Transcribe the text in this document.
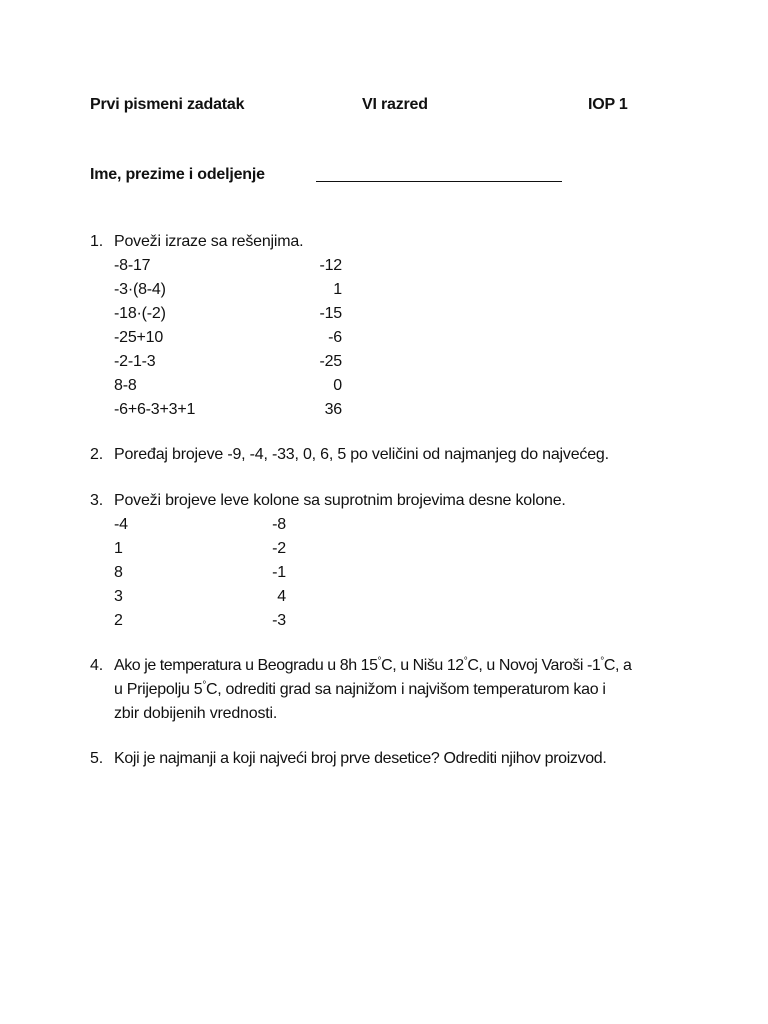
Prvi pismeni zadatak	VI razred	IOP 1
Ime, prezime i odeljenje
1. Poveži izraze sa rešenjima.
-8-17
-3·(8-4)
-18·(-2)
-25+10
-2-1-3
8-8
-6+6-3+3+1
-12
1
-15
-6
-25
0
36
2. Poređaj brojeve -9, -4, -33, 0, 6, 5 po veličini od najmanjeg do najvećeg.
3. Poveži brojeve leve kolone sa suprotnim brojevima desne kolone.
-4
1
8
3
2
-8
-2
-1
4
-3
4. Ako je temperatura u Beogradu u 8h 15°C, u Nišu 12°C, u Novoj Varoši -1°C, a
u Prijepolju 5°C, odrediti grad sa najnižom i najvišom temperaturom kao i
zbir dobijenih vrednosti.
5. Koji je najmanji a koji najveći broj prve desetice? Odrediti njihov proizvod.
